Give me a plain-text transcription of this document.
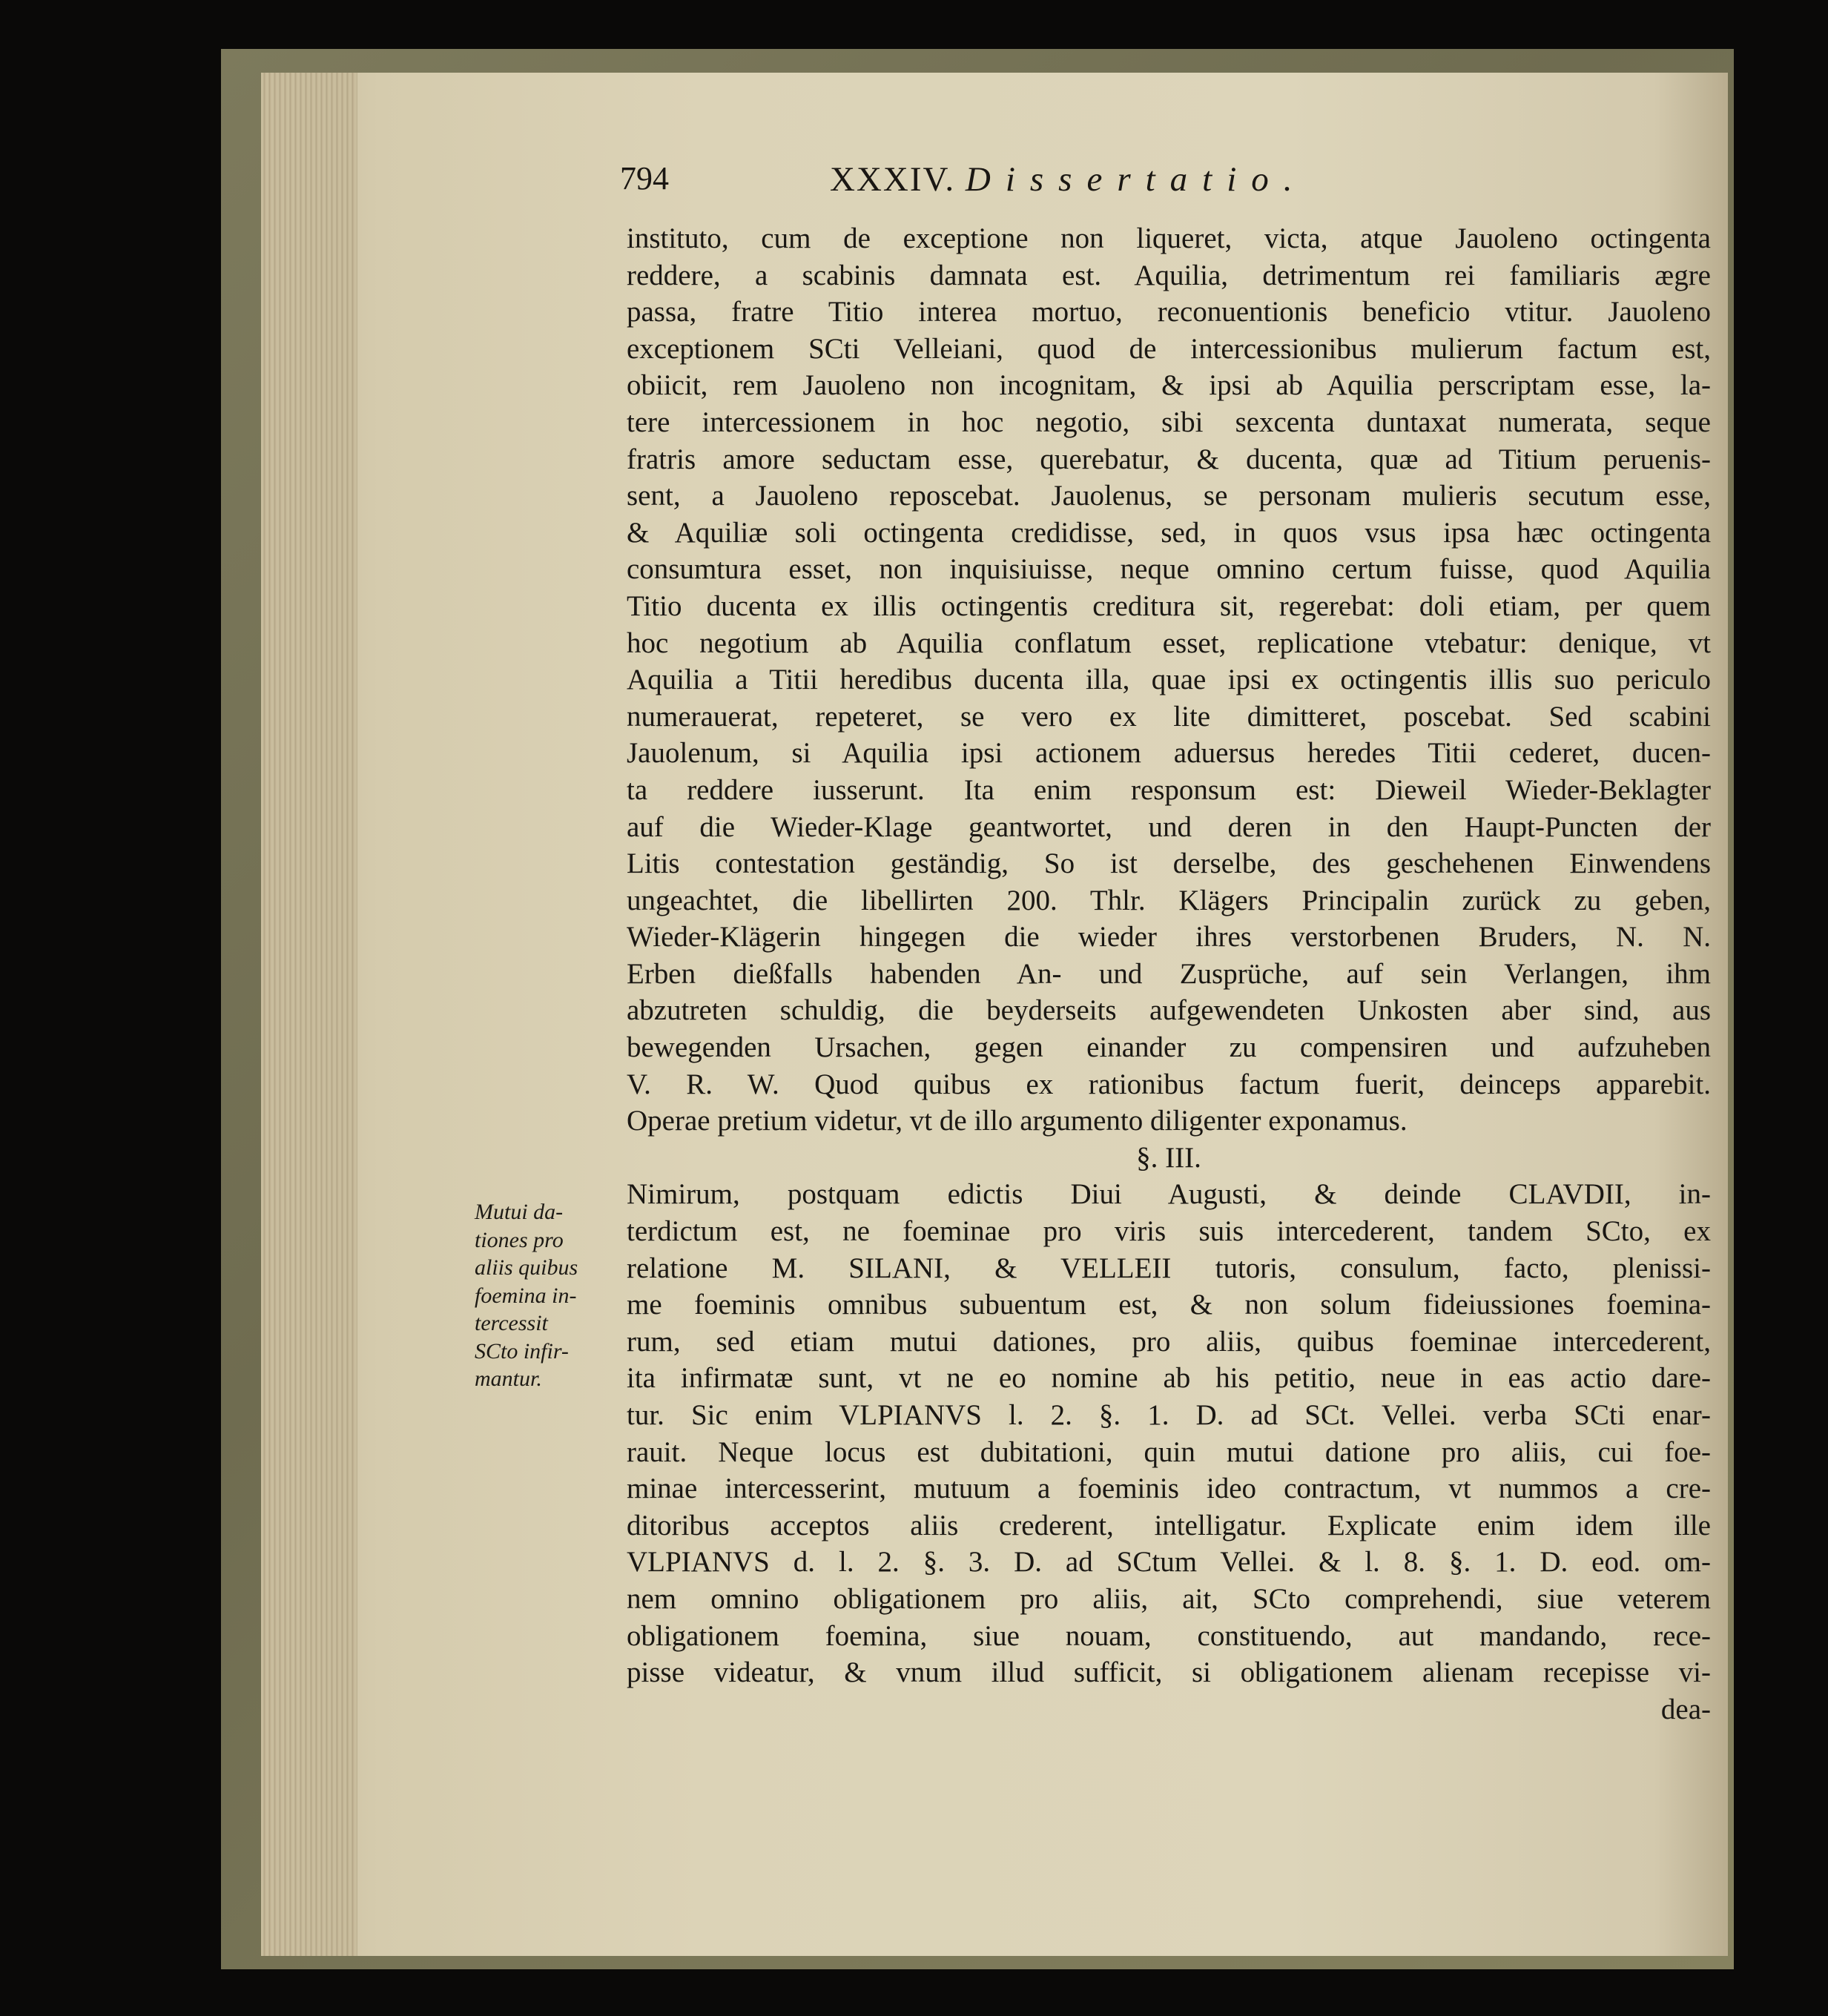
794	XXXIV. Dissertatio.
instituto, cum de exceptione non liqueret, victa, atque Jauoleno octingenta
reddere, a scabinis damnata est. Aquilia, detrimentum rei familiaris ægre
passa, fratre Titio interea mortuo, reconuentionis beneficio vtitur. Jauoleno
exceptionem SCti Velleiani, quod de intercessionibus mulierum factum est,
obiicit, rem Jauoleno non incognitam, & ipsi ab Aquilia perscriptam esse, la-
tere intercessionem in hoc negotio, sibi sexcenta duntaxat numerata, seque
fratris amore seductam esse, querebatur, & ducenta, quæ ad Titium peruenis-
sent, a Jauoleno reposcebat. Jauolenus, se personam mulieris secutum esse,
& Aquiliæ soli octingenta credidisse, sed, in quos vsus ipsa hæc octingenta
consumtura esset, non inquisiuisse, neque omnino certum fuisse, quod Aquilia
Titio ducenta ex illis octingentis creditura sit, regerebat: doli etiam, per quem
hoc negotium ab Aquilia conflatum esset, replicatione vtebatur: denique, vt
Aquilia a Titii heredibus ducenta illa, quae ipsi ex octingentis illis suo periculo
numerauerat, repeteret, se vero ex lite dimitteret, poscebat. Sed scabini
Jauolenum, si Aquilia ipsi actionem aduersus heredes Titii cederet, ducen-
ta reddere iusserunt. Ita enim responsum est: Dieweil Wieder-Beklagter
auf die Wieder-Klage geantwortet, und deren in den Haupt-Puncten der
Litis contestation geständig, So ist derselbe, des geschehenen Einwendens
ungeachtet, die libellirten 200. Thlr. Klägers Principalin zurück zu geben,
Wieder-Klägerin hingegen die wieder ihres verstorbenen Bruders, N. N.
Erben dießfalls habenden An- und Zusprüche, auf sein Verlangen, ihm
abzutreten schuldig, die beyderseits aufgewendeten Unkosten aber sind, aus
bewegenden Ursachen, gegen einander zu compensiren und aufzuheben
V. R. W. Quod quibus ex rationibus factum fuerit, deinceps apparebit.
Operae pretium videtur, vt de illo argumento diligenter exponamus.
§. III.
Nimirum, postquam edictis Diui Augusti, & deinde CLAVDII, in-
terdictum est, ne foeminae pro viris suis intercederent, tandem SCto, ex
relatione M. SILANI, & VELLEII tutoris, consulum, facto, plenissi-
me foeminis omnibus subuentum est, & non solum fideiussiones foemina-
rum, sed etiam mutui dationes, pro aliis, quibus foeminae intercederent,
ita infirmatæ sunt, vt ne eo nomine ab his petitio, neue in eas actio dare-
tur. Sic enim VLPIANVS l. 2. §. 1. D. ad SCt. Vellei. verba SCti enar-
rauit. Neque locus est dubitationi, quin mutui datione pro aliis, cui foe-
minae intercesserint, mutuum a foeminis ideo contractum, vt nummos a cre-
ditoribus acceptos aliis crederent, intelligatur. Explicate enim idem ille
VLPIANVS d. l. 2. §. 3. D. ad SCtum Vellei. & l. 8. §. 1. D. eod. om-
nem omnino obligationem pro aliis, ait, SCto comprehendi, siue veterem
obligationem foemina, siue nouam, constituendo, aut mandando, rece-
pisse videatur, & vnum illud sufficit, si obligationem alienam recepisse vi-
dea-
Mutui da-
tiones pro
aliis quibus
foemina in-
tercessit
SCto infir-
mantur.
